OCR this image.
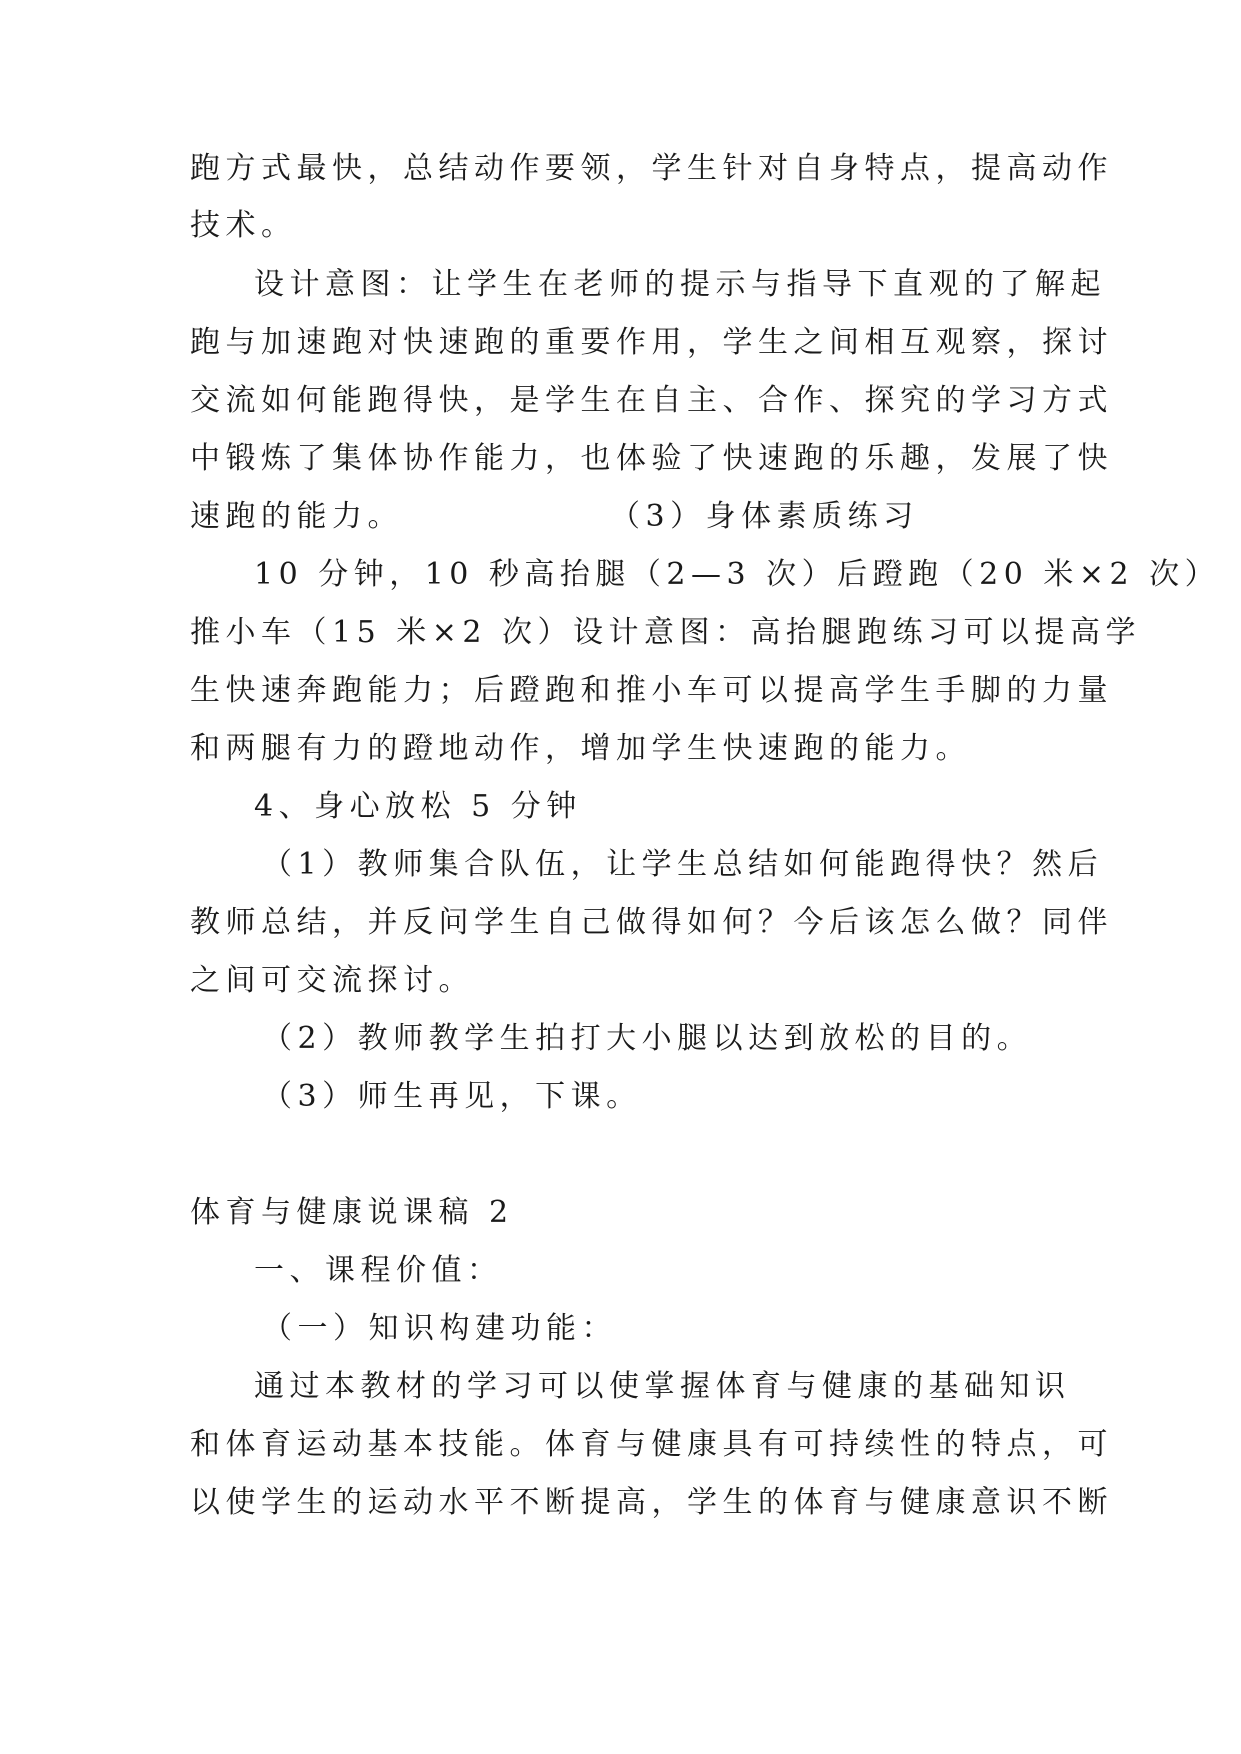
跑方式最快，总结动作要领，学生针对自身特点，提高动作
技术。
设计意图：让学生在老师的提示与指导下直观的了解起
跑与加速跑对快速跑的重要作用，学生之间相互观察，探讨
交流如何能跑得快，是学生在自主、合作、探究的学习方式
中锻炼了集体协作能力，也体验了快速跑的乐趣，发展了快
速跑的能力。	（3）身体素质练习
10 分钟，10 秒高抬腿（2—3 次）后蹬跑（20 米×2 次）
推小车（15 米×2 次）设计意图：高抬腿跑练习可以提高学
生快速奔跑能力；后蹬跑和推小车可以提高学生手脚的力量
和两腿有力的蹬地动作，增加学生快速跑的能力。
4、身心放松 5 分钟
（1）教师集合队伍，让学生总结如何能跑得快？然后
教师总结，并反问学生自己做得如何？今后该怎么做？同伴
之间可交流探讨。
（2）教师教学生拍打大小腿以达到放松的目的。
（3）师生再见，下课。
体育与健康说课稿 2
一、课程价值：
（一）知识构建功能：
通过本教材的学习可以使掌握体育与健康的基础知识
和体育运动基本技能。体育与健康具有可持续性的特点，可
以使学生的运动水平不断提高，学生的体育与健康意识不断
